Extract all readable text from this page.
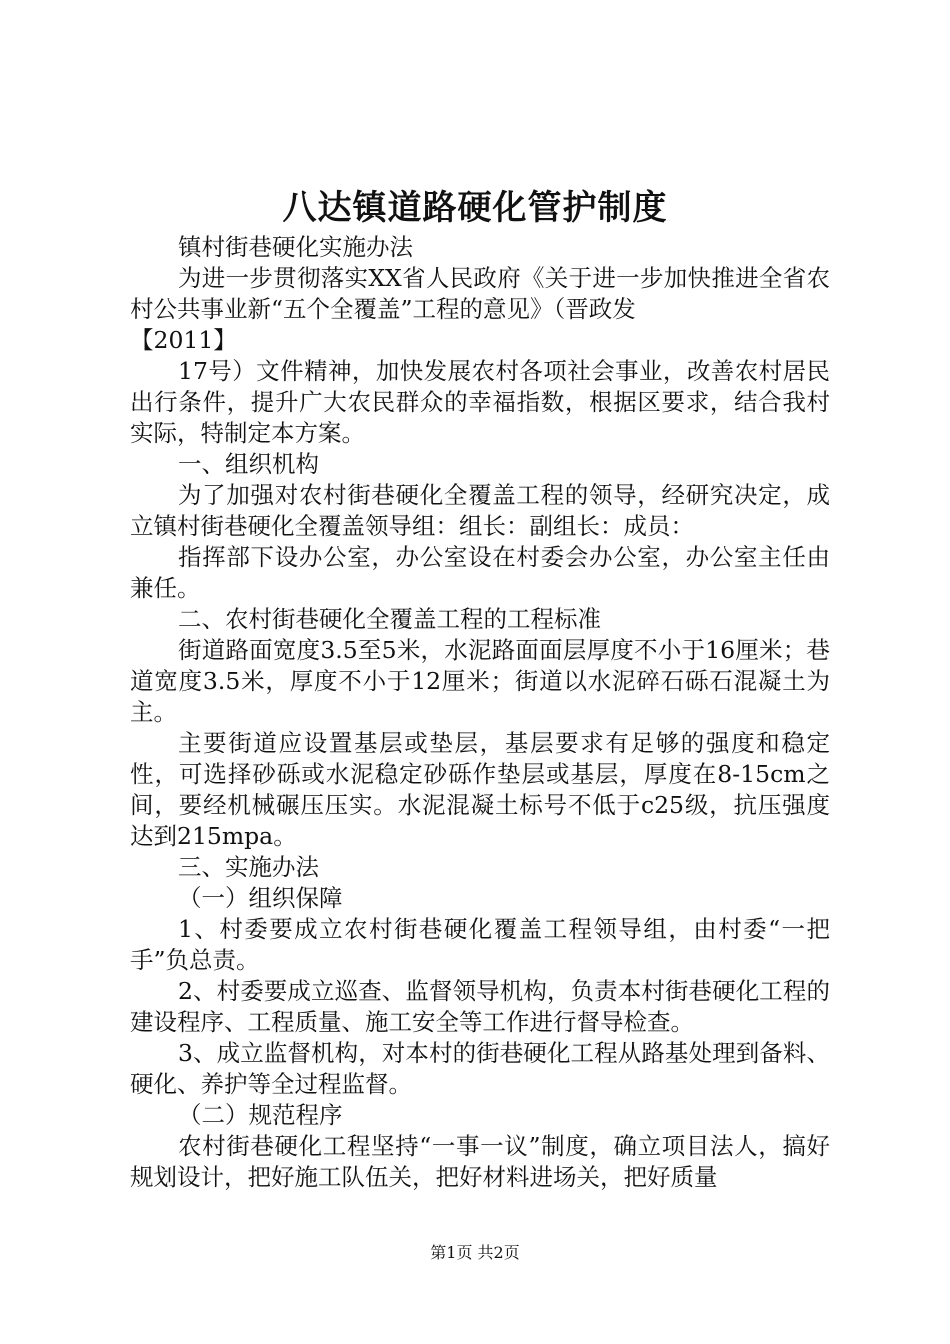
八达镇道路硬化管护制度

镇村街巷硬化实施办法

为进一步贯彻落实XX省人民政府《关于进一步加快推进全省农村公共事业新“五个全覆盖”工程的意见》（晋政发

【2011】

17号）文件精神，加快发展农村各项社会事业，改善农村居民出行条件，提升广大农民群众的幸福指数，根据区要求，结合我村实际，特制定本方案。

一、组织机构

为了加强对农村街巷硬化全覆盖工程的领导，经研究决定，成立镇村街巷硬化全覆盖领导组：组长：副组长：成员：

指挥部下设办公室，办公室设在村委会办公室，办公室主任由兼任。

二、农村街巷硬化全覆盖工程的工程标准

街道路面宽度3.5至5米，水泥路面面层厚度不小于16厘米；巷道宽度3.5米，厚度不小于12厘米；街道以水泥碎石砾石混凝土为主。

主要街道应设置基层或垫层，基层要求有足够的强度和稳定性，可选择砂砾或水泥稳定砂砾作垫层或基层，厚度在8-15cm之间，要经机械碾压压实。水泥混凝土标号不低于c25级，抗压强度达到215mpa。

三、实施办法

（一）组织保障

1、村委要成立农村街巷硬化覆盖工程领导组，由村委“一把手”负总责。

2、村委要成立巡查、监督领导机构，负责本村街巷硬化工程的建设程序、工程质量、施工安全等工作进行督导检查。

3、成立监督机构，对本村的街巷硬化工程从路基处理到备料、硬化、养护等全过程监督。

（二）规范程序

农村街巷硬化工程坚持“一事一议”制度，确立项目法人，搞好规划设计，把好施工队伍关，把好材料进场关，把好质量

第1页 共2页
